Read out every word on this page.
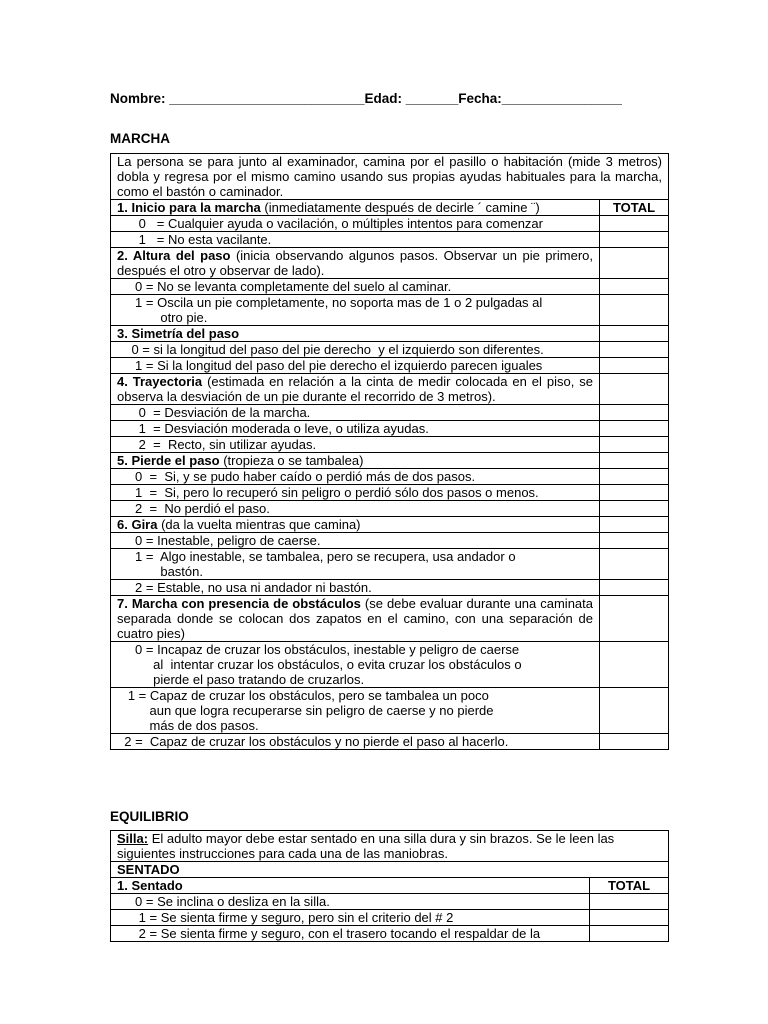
Nombre: __________________________Edad: _______Fecha:________________
MARCHA
La persona se para junto al examinador, camina por el pasillo o habitación (mide 3 metros) dobla y regresa por el mismo camino usando sus propias ayudas habituales para la marcha, como el bastón o caminador.	
1. Inicio para la marcha (inmediatamente después de decirle ´ camine ¨)	TOTAL

0   = Cualquier ayuda o vacilación, o múltiples intentos para comenzar	

1   = No esta vacilante.	

2. Altura del paso (inicia observando algunos pasos. Observar un pie primero, después el otro y observar de lado).	

0 = No se levanta completamente del suelo al caminar.	

1 = Oscila un pie completamente, no soporta mas de 1 o 2 pulgadas al
otro pie.	

3. Simetría del paso	

0 = si la longitud del paso del pie derecho  y el izquierdo son diferentes.	

1 = Si la longitud del paso del pie derecho el izquierdo parecen iguales	

4. Trayectoria (estimada en relación a la cinta de medir colocada en el piso, se observa la desviación de un pie durante el recorrido de 3 metros).	

0  = Desviación de la marcha.	

1  = Desviación moderada o leve, o utiliza ayudas.	

2  =  Recto, sin utilizar ayudas.	

5. Pierde el paso (tropieza o se tambalea)	

0  =  Si, y se pudo haber caído o perdió más de dos pasos.	

1  =  Si, pero lo recuperó sin peligro o perdió sólo dos pasos o menos.	

2  =  No perdió el paso.	

6. Gira (da la vuelta mientras que camina)	

0 = Inestable, peligro de caerse.	

1 =  Algo inestable, se tambalea, pero se recupera, usa andador o
bastón.	

2 = Estable, no usa ni andador ni bastón.	

7. Marcha con presencia de obstáculos (se debe evaluar durante una caminata separada donde se colocan dos zapatos en el camino, con una separación de cuatro pies)	

0 = Incapaz de cruzar los obstáculos, inestable y peligro de caerse
al  intentar cruzar los obstáculos, o evita cruzar los obstáculos o
pierde el paso tratando de cruzarlos.	

1 = Capaz de cruzar los obstáculos, pero se tambalea un poco
aun que logra recuperarse sin peligro de caerse y no pierde
más de dos pasos.	

2 =  Capaz de cruzar los obstáculos y no pierde el paso al hacerlo.	

EQUILIBRIO
Silla: El adulto mayor debe estar sentado en una silla dura y sin brazos. Se le leen las siguientes instrucciones para cada una de las maniobras.	
SENTADO	
1. Sentado	TOTAL

0 = Se inclina o desliza en la silla.	

1 = Se sienta firme y seguro, pero sin el criterio del # 2	

2 = Se sienta firme y seguro, con el trasero tocando el respaldar de la	
